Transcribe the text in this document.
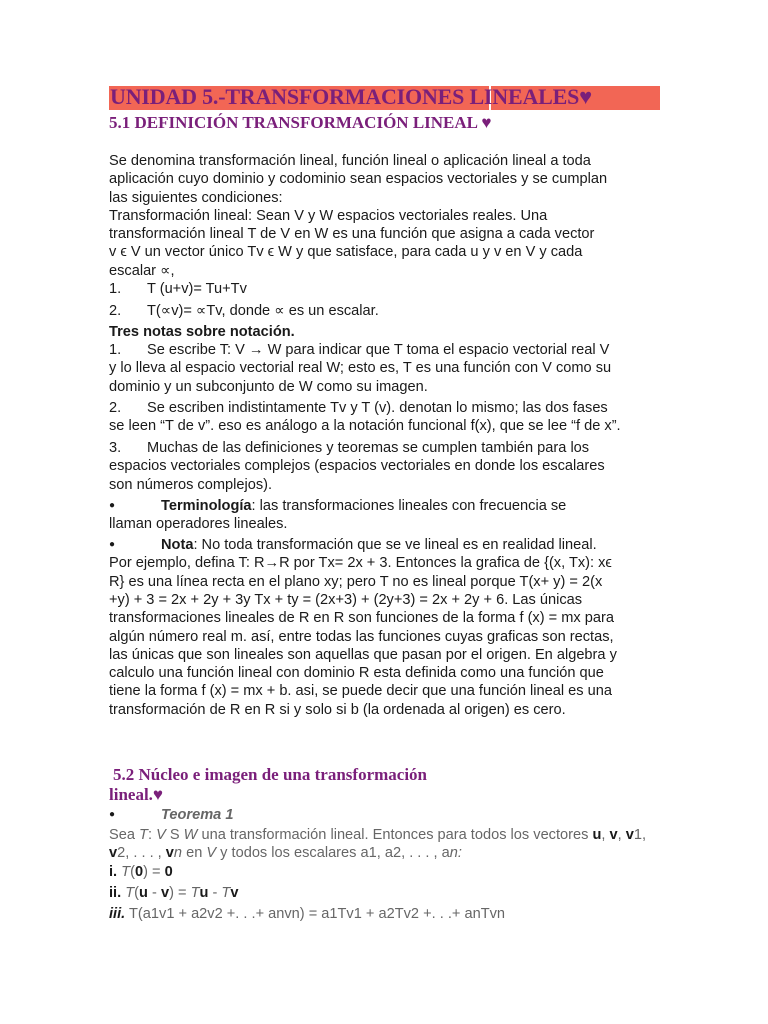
UNIDAD 5.-TRANSFORMACIONES LINEALES♥
5.1 DEFINICIÓN TRANSFORMACIÓN LINEAL ♥
Se denomina transformación lineal, función lineal o aplicación lineal a toda
aplicación cuyo dominio y codominio sean espacios vectoriales y se cumplan
las siguientes condiciones:
Transformación lineal: Sean V y W espacios vectoriales reales. Una
transformación lineal T de V en W es una función que asigna a cada vector
v ϵ V un vector único Tv ϵ W y que satisface, para cada u y v en V y cada
escalar ∝,
1. T (u+v)= Tu+Tv
2. T(∝v)= ∝Tv, donde ∝ es un escalar.
Tres notas sobre notación.
1. Se escribe T: V → W para indicar que T toma el espacio vectorial real V
y lo lleva al espacio vectorial real W; esto es, T es una función con V como su
dominio y un subconjunto de W como su imagen.
2. Se escriben indistintamente Tv y T (v). denotan lo mismo; las dos fases
se leen “T de v”. eso es análogo a la notación funcional f(x), que se lee “f de x”.
3. Muchas de las definiciones y teoremas se cumplen también para los
espacios vectoriales complejos (espacios vectoriales en donde los escalares
son números complejos).
●	Terminología: las transformaciones lineales con frecuencia se
llaman operadores lineales.
●	Nota: No toda transformación que se ve lineal es en realidad lineal.
Por ejemplo, defina T: R→R por Tx= 2x + 3. Entonces la grafica de {(x, Tx): xϵ
R} es una línea recta en el plano xy; pero T no es lineal porque T(x+ y) = 2(x
+y) + 3 = 2x + 2y + 3y Tx + ty = (2x+3) + (2y+3) = 2x + 2y + 6. Las únicas
transformaciones lineales de R en R son funciones de la forma f (x) = mx para
algún número real m. así, entre todas las funciones cuyas graficas son rectas,
las únicas que son lineales son aquellas que pasan por el origen. En algebra y
calculo una función lineal con dominio R esta definida como una función que
tiene la forma f (x) = mx + b. asi, se puede decir que una función lineal es una
transformación de R en R si y solo si b (la ordenada al origen) es cero.
5.2 Núcleo e imagen de una transformación
lineal.♥
●	Teorema 1
Sea T: V S W una transformación lineal. Entonces para todos los vectores u, v, v1,
v2, . . . , vn en V y todos los escalares a1, a2, . . . , an:
i. T(0) = 0
ii. T(u - v) = Tu - Tv
iii. T(a1v1 + a2v2 +. . .+ anvn) = a1Tv1 + a2Tv2 +. . .+ anTvn
